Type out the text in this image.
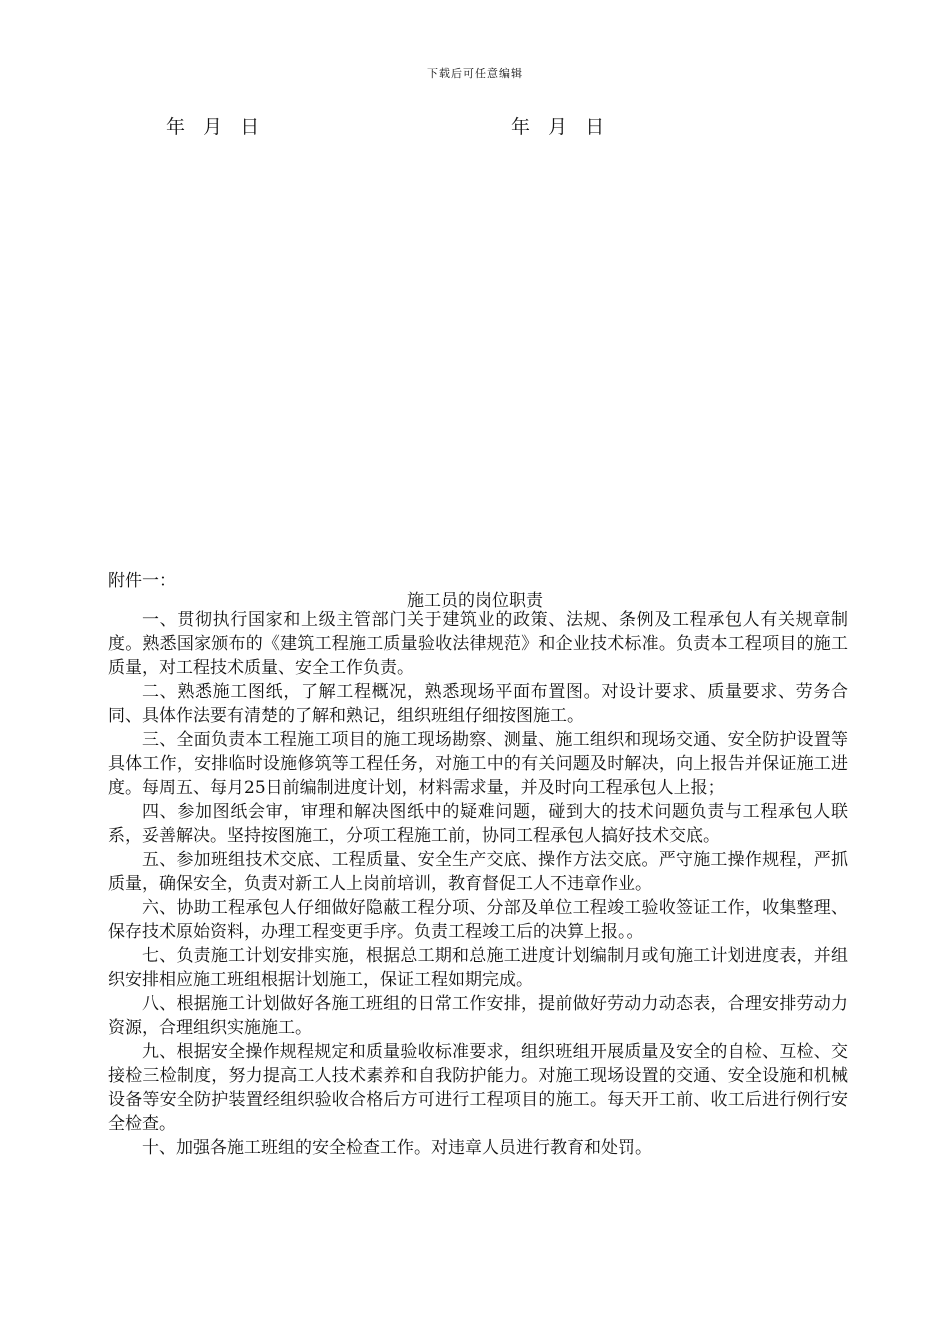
下载后可任意编辑
年   月   日	年   月   日
附件一：
施工员的岗位职责

一、贯彻执行国家和上级主管部门关于建筑业的政策、法规、条例及工程承包人有关规章制度。熟悉国家颁布的《建筑工程施工质量验收法律规范》和企业技术标准。负责本工程项目的施工质量，对工程技术质量、安全工作负责。

二、熟悉施工图纸，了解工程概况，熟悉现场平面布置图。对设计要求、质量要求、劳务合同、具体作法要有清楚的了解和熟记，组织班组仔细按图施工。

三、全面负责本工程施工项目的施工现场勘察、测量、施工组织和现场交通、安全防护设置等具体工作，安排临时设施修筑等工程任务，对施工中的有关问题及时解决，向上报告并保证施工进度。每周五、每月25日前编制进度计划，材料需求量，并及时向工程承包人上报；

四、参加图纸会审，审理和解决图纸中的疑难问题，碰到大的技术问题负责与工程承包人联系，妥善解决。坚持按图施工，分项工程施工前，协同工程承包人搞好技术交底。

五、参加班组技术交底、工程质量、安全生产交底、操作方法交底。严守施工操作规程，严抓质量，确保安全，负责对新工人上岗前培训，教育督促工人不违章作业。

六、协助工程承包人仔细做好隐蔽工程分项、分部及单位工程竣工验收签证工作，收集整理、保存技术原始资料，办理工程变更手序。负责工程竣工后的决算上报。。

七、负责施工计划安排实施，根据总工期和总施工进度计划编制月或旬施工计划进度表，并组织安排相应施工班组根据计划施工，保证工程如期完成。

八、根据施工计划做好各施工班组的日常工作安排，提前做好劳动力动态表，合理安排劳动力资源，合理组织实施施工。

九、根据安全操作规程规定和质量验收标准要求，组织班组开展质量及安全的自检、互检、交接检三检制度，努力提高工人技术素养和自我防护能力。对施工现场设置的交通、安全设施和机械设备等安全防护装置经组织验收合格后方可进行工程项目的施工。每天开工前、收工后进行例行安全检查。

十、加强各施工班组的安全检查工作。对违章人员进行教育和处罚。
